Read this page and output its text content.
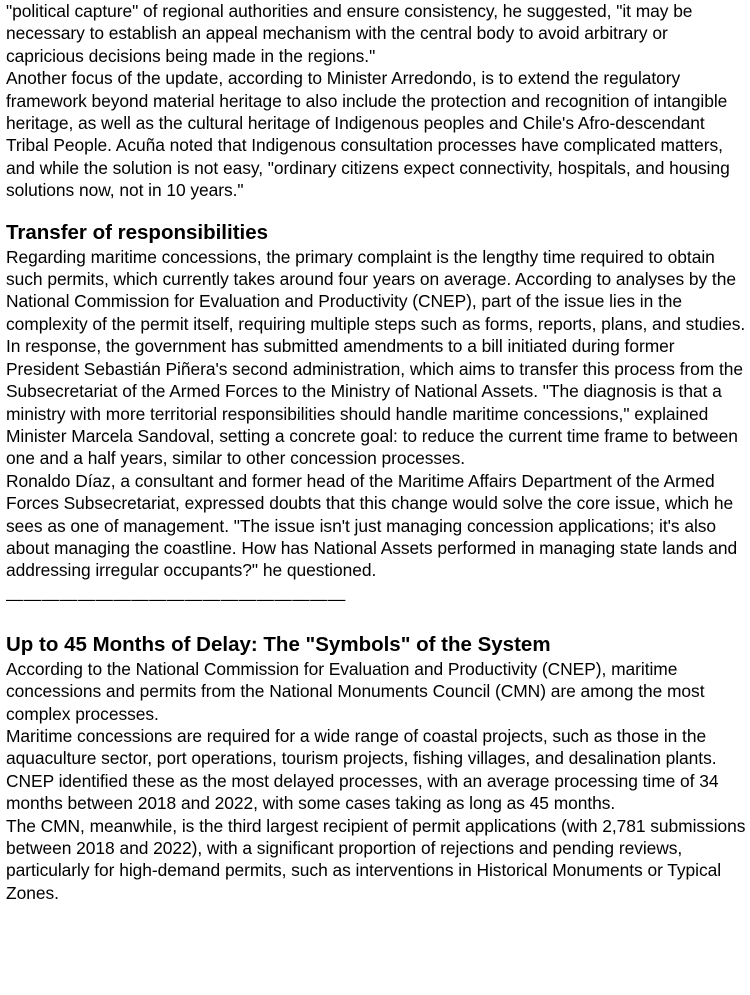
"political capture" of regional authorities and ensure consistency, he suggested, "it may be necessary to establish an appeal mechanism with the central body to avoid arbitrary or capricious decisions being made in the regions."

Another focus of the update, according to Minister Arredondo, is to extend the regulatory framework beyond material heritage to also include the protection and recognition of intangible heritage, as well as the cultural heritage of Indigenous peoples and Chile's Afro-descendant Tribal People. Acuña noted that Indigenous consultation processes have complicated matters, and while the solution is not easy, "ordinary citizens expect connectivity, hospitals, and housing solutions now, not in 10 years."

Transfer of responsibilities

Regarding maritime concessions, the primary complaint is the lengthy time required to obtain such permits, which currently takes around four years on average. According to analyses by the National Commission for Evaluation and Productivity (CNEP), part of the issue lies in the complexity of the permit itself, requiring multiple steps such as forms, reports, plans, and studies.

In response, the government has submitted amendments to a bill initiated during former President Sebastián Piñera's second administration, which aims to transfer this process from the Subsecretariat of the Armed Forces to the Ministry of National Assets. "The diagnosis is that a ministry with more territorial responsibilities should handle maritime concessions," explained Minister Marcela Sandoval, setting a concrete goal: to reduce the current time frame to between one and a half years, similar to other concession processes.

Ronaldo Díaz, a consultant and former head of the Maritime Affairs Department of the Armed Forces Subsecretariat, expressed doubts that this change would solve the core issue, which he sees as one of management. "The issue isn't just managing concession applications; it's also about managing the coastline. How has National Assets performed in managing state lands and addressing irregular occupants?" he questioned.

———————————————————
Up to 45 Months of Delay: The "Symbols" of the System

According to the National Commission for Evaluation and Productivity (CNEP), maritime concessions and permits from the National Monuments Council (CMN) are among the most complex processes.

Maritime concessions are required for a wide range of coastal projects, such as those in the aquaculture sector, port operations, tourism projects, fishing villages, and desalination plants. CNEP identified these as the most delayed processes, with an average processing time of 34 months between 2018 and 2022, with some cases taking as long as 45 months.

The CMN, meanwhile, is the third largest recipient of permit applications (with 2,781 submissions between 2018 and 2022), with a significant proportion of rejections and pending reviews, particularly for high-demand permits, such as interventions in Historical Monuments or Typical Zones.
